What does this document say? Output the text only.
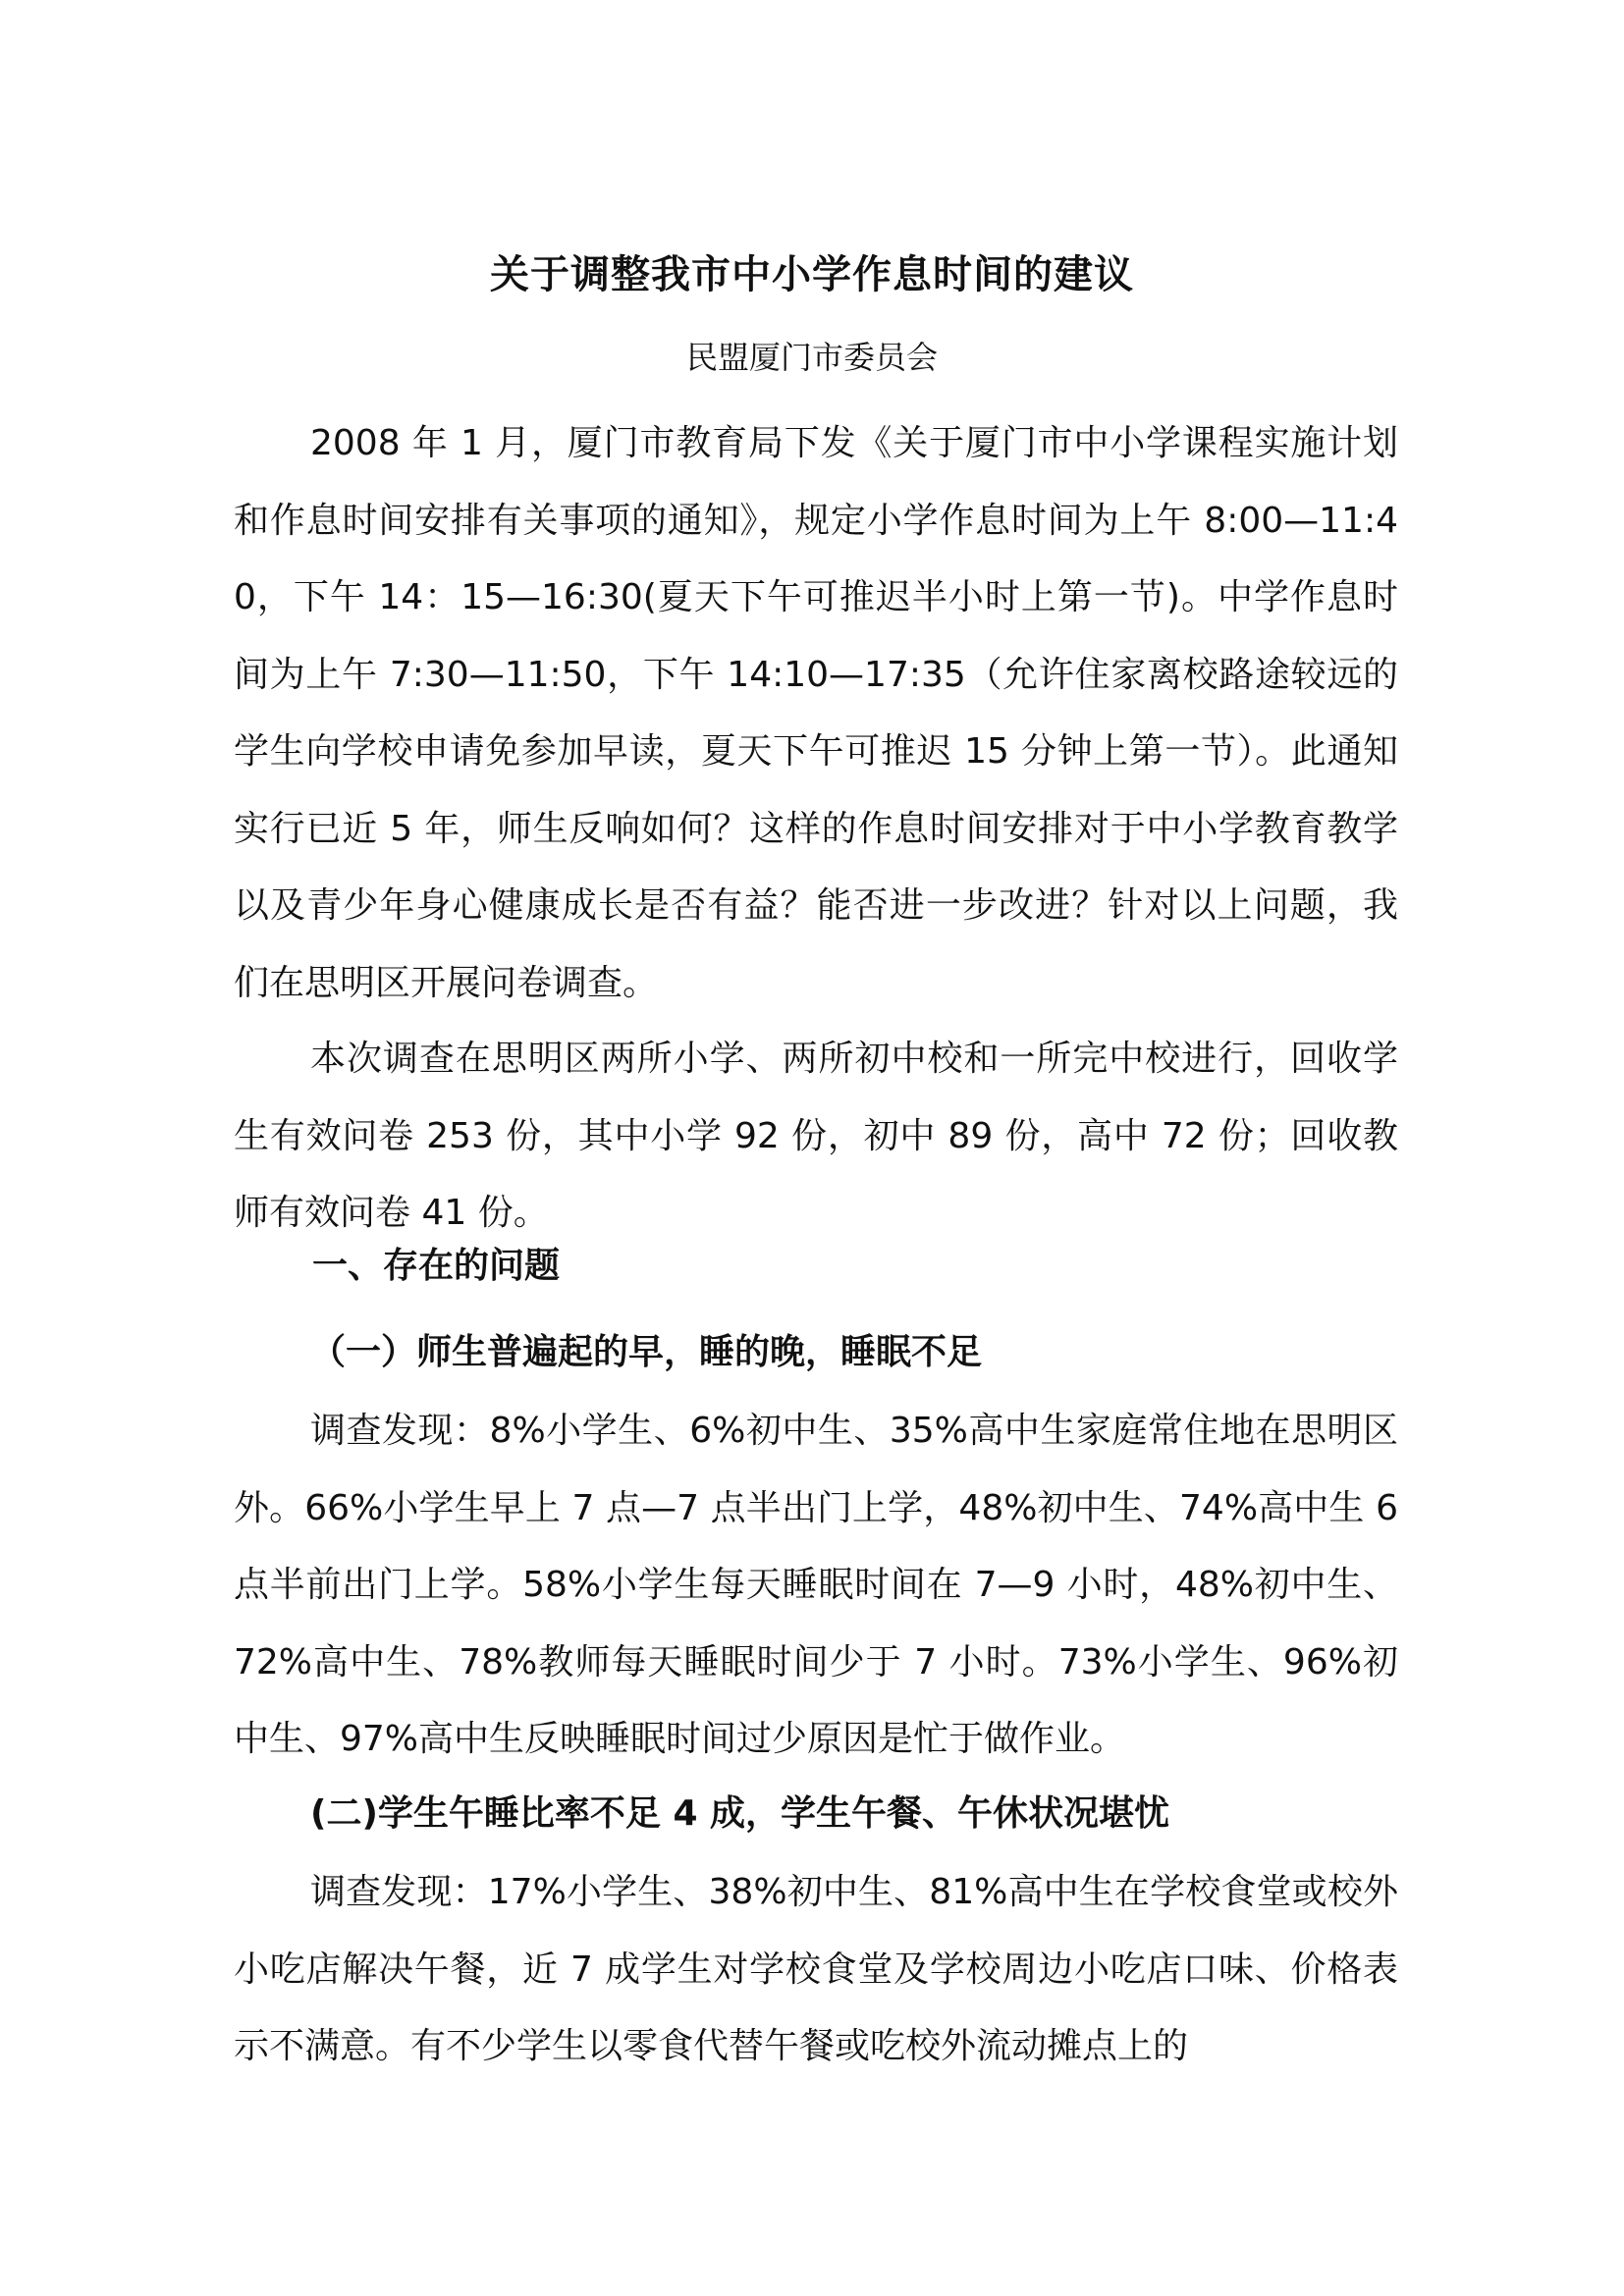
关于调整我市中小学作息时间的建议

民盟厦门市委员会

2008 年 1 月，厦门市教育局下发《关于厦门市中小学课程实施计划和作息时间安排有关事项的通知》，规定小学作息时间为上午 8:00—11:40，下午 14：15—16:30(夏天下午可推迟半小时上第一节)。中学作息时间为上午 7:30—11:50，下午 14:10—17:35（允许住家离校路途较远的学生向学校申请免参加早读，夏天下午可推迟 15 分钟上第一节）。此通知实行已近 5 年，师生反响如何？这样的作息时间安排对于中小学教育教学以及青少年身心健康成长是否有益？能否进一步改进？针对以上问题，我们在思明区开展问卷调查。

本次调查在思明区两所小学、两所初中校和一所完中校进行，回收学生有效问卷 253 份，其中小学 92 份，初中 89 份，高中 72 份；回收教师有效问卷 41 份。

一、存在的问题
（一）师生普遍起的早，睡的晚，睡眠不足

调查发现：8%小学生、6%初中生、35%高中生家庭常住地在思明区外。66%小学生早上 7 点—7 点半出门上学，48%初中生、74%高中生 6 点半前出门上学。58%小学生每天睡眠时间在 7—9 小时，48%初中生、72%高中生、78%教师每天睡眠时间少于 7 小时。73%小学生、96%初中生、97%高中生反映睡眠时间过少原因是忙于做作业。

(二)学生午睡比率不足 4 成，学生午餐、午休状况堪忧

调查发现：17%小学生、38%初中生、81%高中生在学校食堂或校外小吃店解决午餐，近 7 成学生对学校食堂及学校周边小吃店口味、价格表示不满意。有不少学生以零食代替午餐或吃校外流动摊点上的
